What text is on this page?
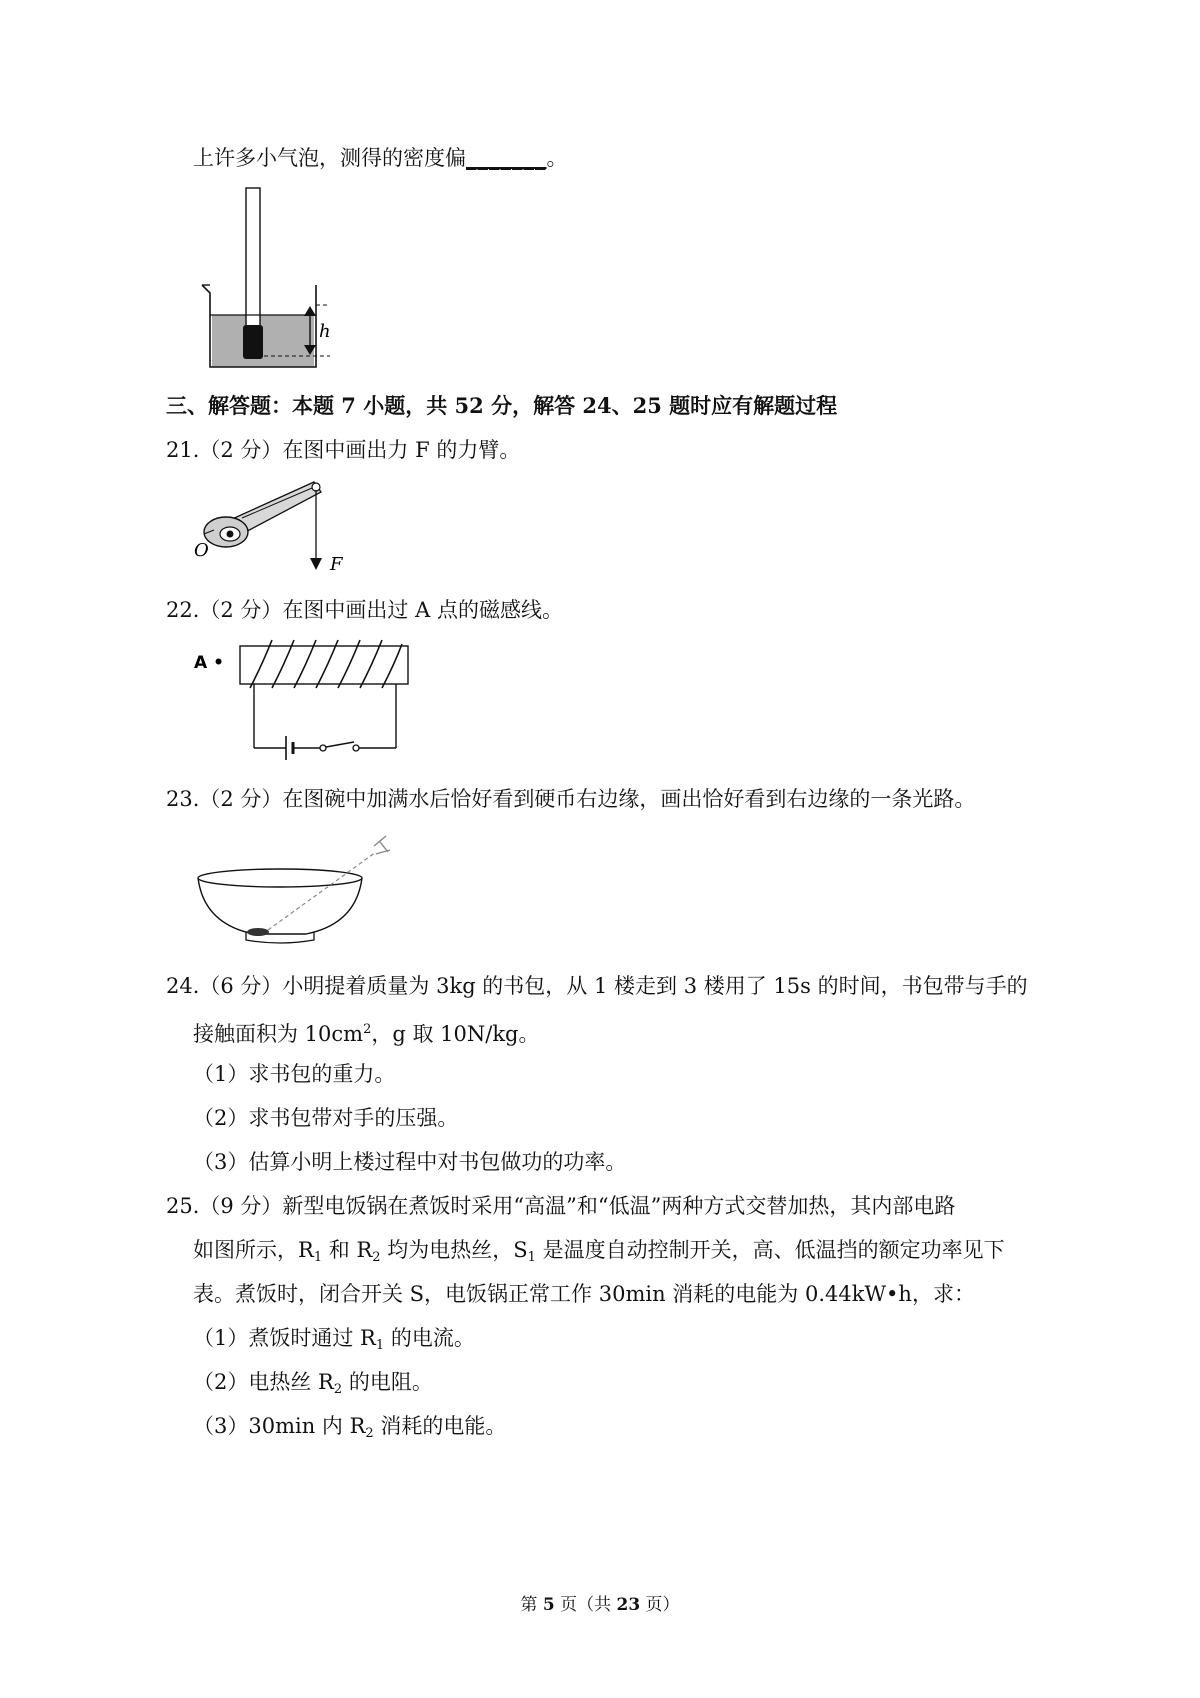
上许多小气泡，测得的密度偏_______。
h
三、解答题：本题 7 小题，共 52 分，解答 24、25 题时应有解题过程
21.（2 分）在图中画出力 F 的力臂。
O
F
22.（2 分）在图中画出过 A 点的磁感线。
A •
23.（2 分）在图碗中加满水后恰好看到硬币右边缘，画出恰好看到右边缘的一条光路。
24.（6 分）小明提着质量为 3kg 的书包，从 1 楼走到 3 楼用了 15s 的时间，书包带与手的
接触面积为 $10cm^2$，g 取 10N/kg。
（1）求书包的重力。
（2）求书包带对手的压强。
（3）估算小明上楼过程中对书包做功的功率。
25.（9 分）新型电饭锅在煮饭时采用“高温”和“低温”两种方式交替加热，其内部电路
如图所示，$R_1$ 和 $R_2$ 均为电热丝，$S_1$ 是温度自动控制开关，高、低温挡的额定功率见下
表。煮饭时，闭合开关 S，电饭锅正常工作 30min 消耗的电能为 0.44kW•h，求：
（1）煮饭时通过 $R_1$ 的电流。
（2）电热丝 $R_2$ 的电阻。
（3）30min 内 $R_2$ 消耗的电能。
第 5 页（共 23 页）
